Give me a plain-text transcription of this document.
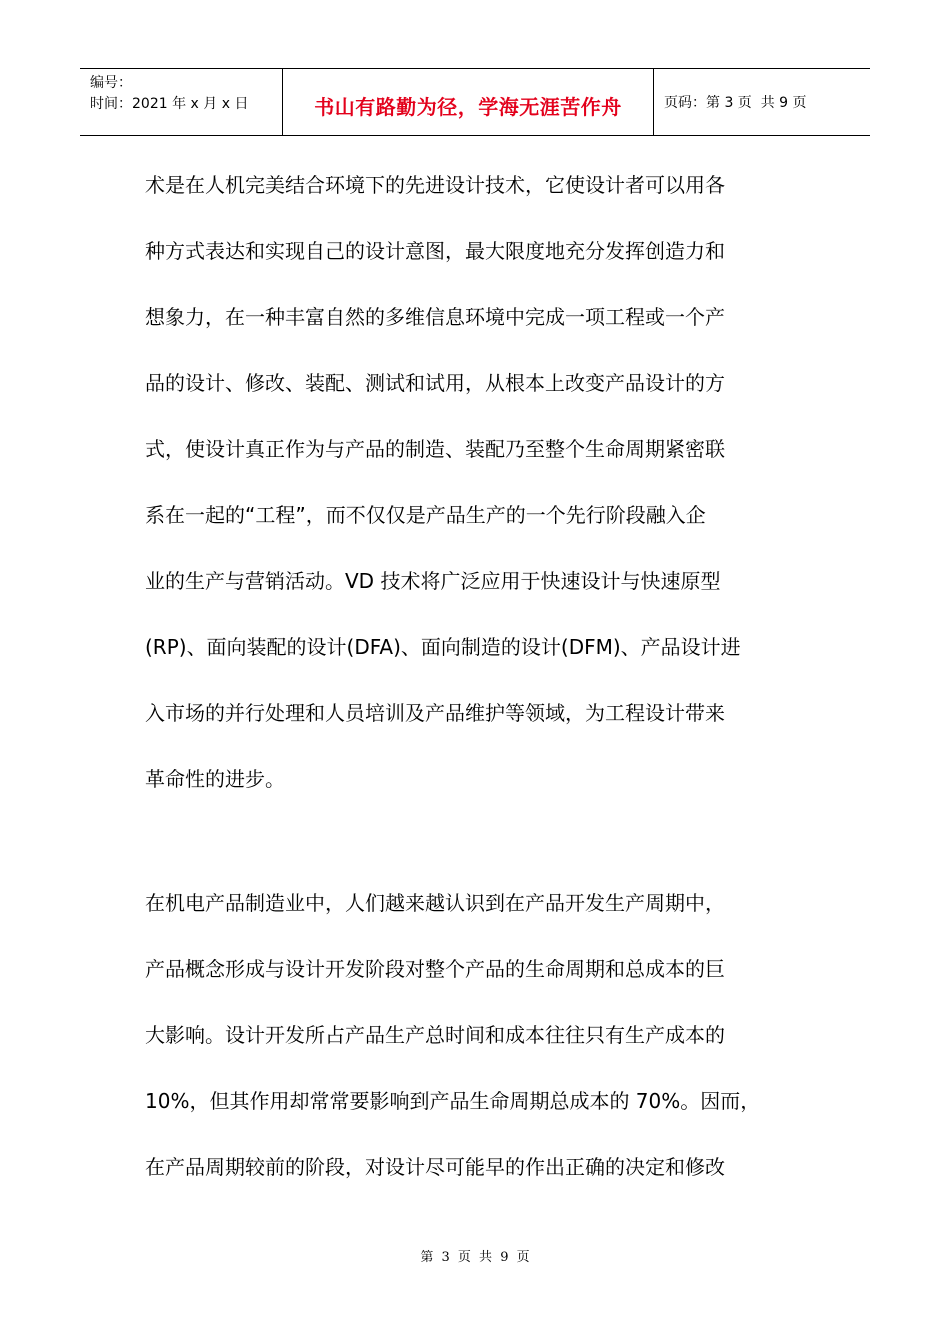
编号：
时间：2021 年 x 月 x 日	书山有路勤为径，学海无涯苦作舟	页码：第 3 页  共 9 页
术是在人机完美结合环境下的先进设计技术，它使设计者可以用各
种方式表达和实现自己的设计意图，最大限度地充分发挥创造力和
想象力，在一种丰富自然的多维信息环境中完成一项工程或一个产
品的设计、修改、装配、测试和试用，从根本上改变产品设计的方
式，使设计真正作为与产品的制造、装配乃至整个生命周期紧密联
系在一起的“工程”，而不仅仅是产品生产的一个先行阶段融入企
业的生产与营销活动。VD 技术将广泛应用于快速设计与快速原型
(RP)、面向装配的设计(DFA)、面向制造的设计(DFM)、产品设计进
入市场的并行处理和人员培训及产品维护等领域，为工程设计带来
革命性的进步。
在机电产品制造业中，人们越来越认识到在产品开发生产周期中，
产品概念形成与设计开发阶段对整个产品的生命周期和总成本的巨
大影响。设计开发所占产品生产总时间和成本往往只有生产成本的
10%，但其作用却常常要影响到产品生命周期总成本的 70%。因而，
在产品周期较前的阶段，对设计尽可能早的作出正确的决定和修改
第 3 页 共 9 页
